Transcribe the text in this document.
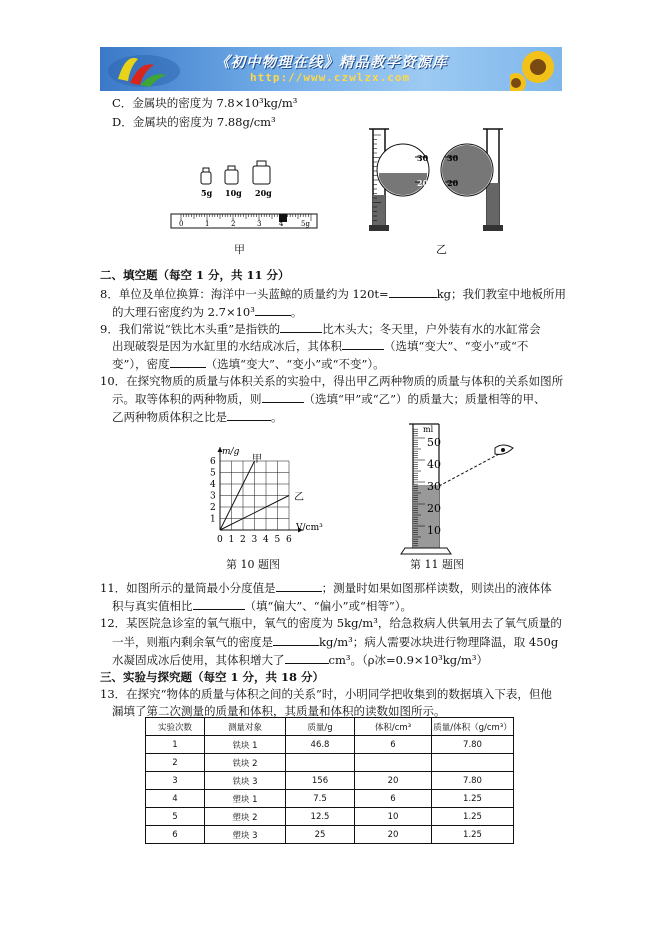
《初中物理在线》精品教学资源库
http://www.czwlzx.com
C．金属块的密度为 7.8×10³kg/m³
D．金属块的密度为 7.88g/cm³
5g 10g 20g
0	1	2	3	4	5g
甲
30
20
30
20
乙
二、填空题（每空 1 分，共 11 分）
8．单位及单位换算：海洋中一头蓝鲸的质量约为 120t=	kg；我们教室中地板所用
的大理石密度约为 2.7×10³	。
9．我们常说“铁比木头重”是指铁的	比木头大；冬天里，户外装有水的水缸常会
出现破裂是因为水缸里的水结成冰后，其体积	（选填“变大”、“变小”或“不
变”），密度	（选填“变大”、“变小”或“不变”）。
10．在探究物质的质量与体积关系的实验中，得出甲乙两种物质的质量与体积的关系如图所
示。取等体积的两种物质，则	（选填“甲”或“乙”）的质量大；质量相等的甲、
乙两种物质体积之比是	。
0 1 2 3 4 5 6
1
2
3
4
5
6
m/g
V/cm³
甲
乙
第 10 题图
ml
50
40
30
20
10
第 11 题图
11．如图所示的量筒最小分度值是	；测量时如果如图那样读数，则读出的液体体
积与真实值相比	（填“偏大”、“偏小”或“相等”）。
12．某医院急诊室的氧气瓶中，氧气的密度为 5kg/m³，给急救病人供氧用去了氧气质量的
一半，则瓶内剩余氧气的密度是	kg/m³；病人需要冰块进行物理降温，取 450g
水凝固成冰后使用，其体积增大了	cm³。（ρ冰=0.9×10³kg/m³）
三、实验与探究题（每空 1 分，共 18 分）
13．在探究“物体的质量与体积之间的关系”时，小明同学把收集到的数据填入下表，但他
漏填了第二次测量的质量和体积，其质量和体积的读数如图所示。
实验次数	测量对象	质量/g	体积/cm³	质量/体积（g/cm³）
1	铁块 1	46.8	6	7.80
2	铁块 2			
3	铁块 3	156	20	7.80
4	塑块 1	7.5	6	1.25
5	塑块 2	12.5	10	1.25
6	塑块 3	25	20	1.25
